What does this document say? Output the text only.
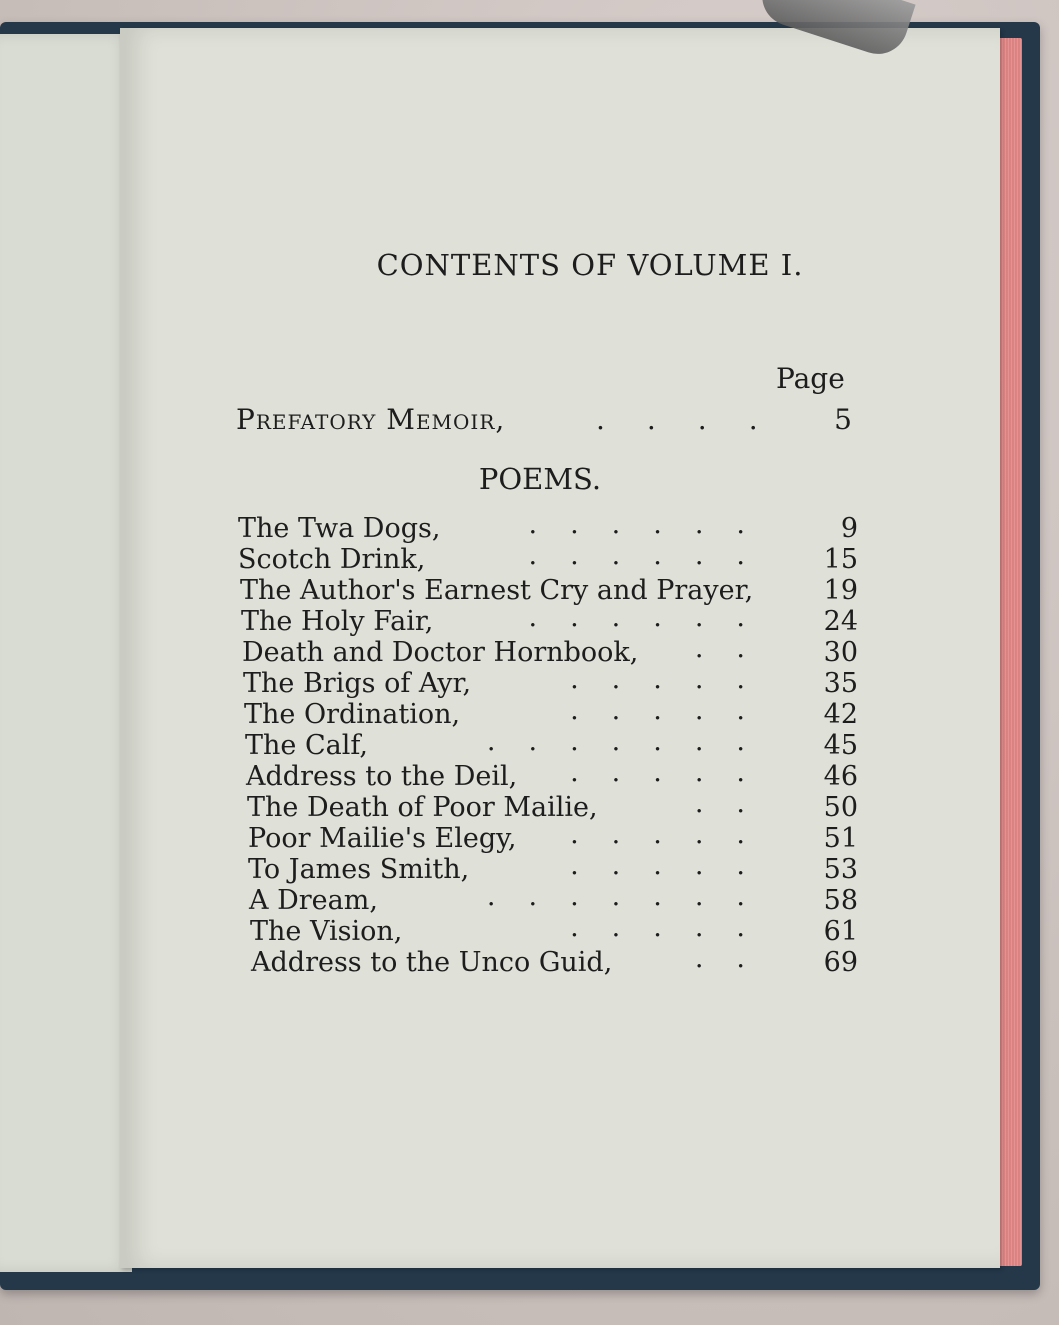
CONTENTS OF VOLUME I.
Page
Prefatory Memoir,	.... 5
POEMS.
The Twa Dogs,	......	9
Scotch Drink,	...... 15
The Author's Earnest Cry and Prayer,	19
The Holy Fair,	...... 24
Death and Doctor Hornbook,	.. 30
The Brigs of Ayr,	..... 35
The Ordination,	..... 42
The Calf,	....... 45
Address to the Deil,	..... 46
The Death of Poor Mailie,	.. 50
Poor Mailie's Elegy,	..... 51
To James Smith,	..... 53
A Dream,	....... 58
The Vision,	..... 61
Address to the Unco Guid,	.. 69
